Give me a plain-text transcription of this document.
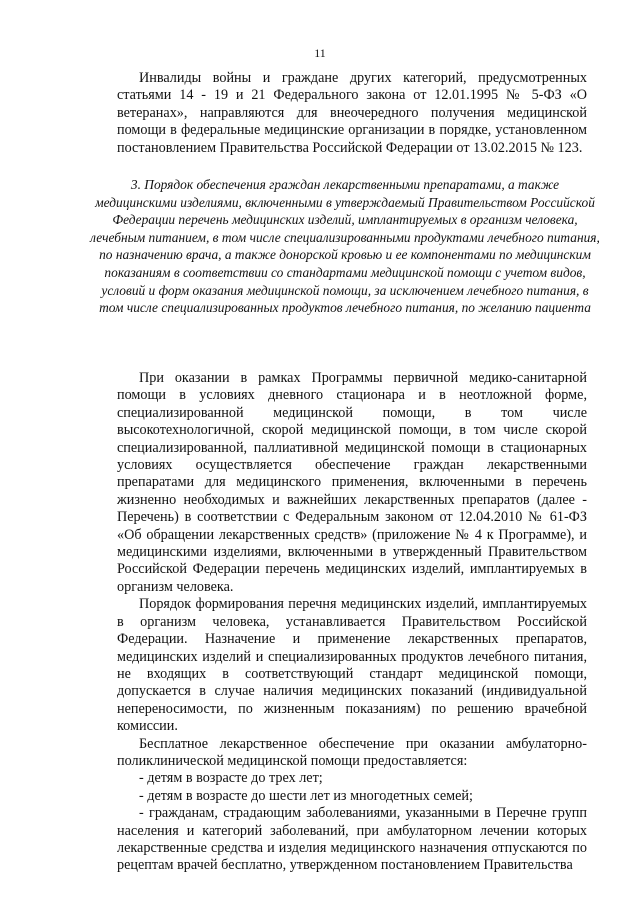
11

Инвалиды войны и граждане других категорий, предусмотренных статьями 14 - 19 и 21 Федерального закона от 12.01.1995 № 5-ФЗ «О ветеранах», направляются для внеочередного получения медицинской помощи в федеральные медицинские организации в порядке, установленном постановлением Правительства Российской Федерации от 13.02.2015 № 123.

3. Порядок обеспечения граждан лекарственными препаратами, а также медицинскими изделиями, включенными в утверждаемый Правительством Российской Федерации перечень медицинских изделий, имплантируемых в организм человека, лечебным питанием, в том числе специализированными продуктами лечебного питания, по назначению врача, а также донорской кровью и ее компонентами по медицинским показаниям в соответствии со стандартами медицинской помощи с учетом видов, условий и форм оказания медицинской помощи, за исключением лечебного питания, в том числе специализированных продуктов лечебного питания, по желанию пациента

При оказании в рамках Программы первичной медико-санитарной помощи в условиях дневного стационара и в неотложной форме, специализированной медицинской помощи, в том числе высокотехнологичной, скорой медицинской помощи, в том числе скорой специализированной, паллиативной медицинской помощи в стационарных условиях осуществляется обеспечение граждан лекарственными препаратами для медицинского применения, включенными в перечень жизненно необходимых и важнейших лекарственных препаратов (далее - Перечень) в соответствии с Федеральным законом от 12.04.2010 № 61-ФЗ «Об обращении лекарственных средств» (приложение № 4 к Программе), и медицинскими изделиями, включенными в утвержденный Правительством Российской Федерации перечень медицинских изделий, имплантируемых в организм человека.

Порядок формирования перечня медицинских изделий, имплантируемых в организм человека, устанавливается Правительством Российской Федерации. Назначение и применение лекарственных препаратов, медицинских изделий и специализированных продуктов лечебного питания, не входящих в соответствующий стандарт медицинской помощи, допускается в случае наличия медицинских показаний (индивидуальной непереносимости, по жизненным показаниям) по решению врачебной комиссии.

Бесплатное лекарственное обеспечение при оказании амбулаторно-поликлинической медицинской помощи предоставляется:

- детям в возрасте до трех лет;

- детям в возрасте до шести лет из многодетных семей;

- гражданам, страдающим заболеваниями, указанными в Перечне групп населения и категорий заболеваний, при амбулаторном лечении которых лекарственные средства и изделия медицинского назначения отпускаются по рецептам врачей бесплатно, утвержденном постановлением Правительства
